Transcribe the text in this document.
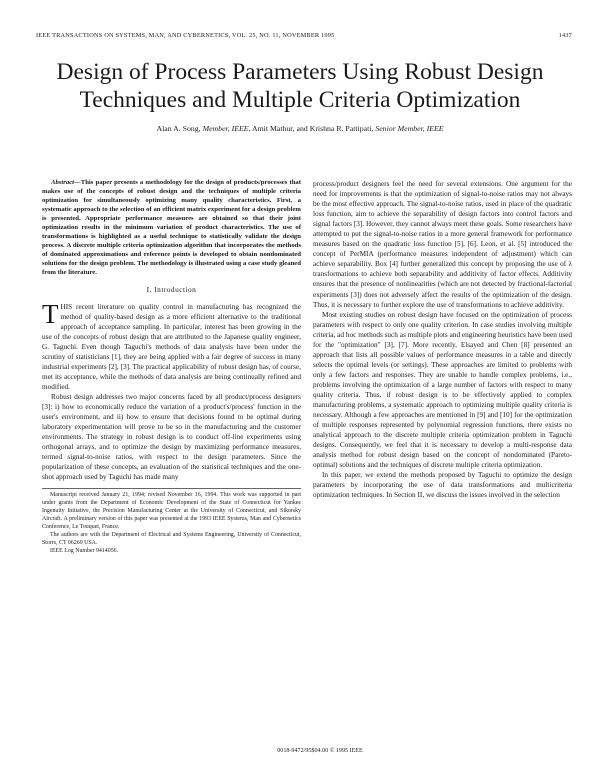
IEEE TRANSACTIONS ON SYSTEMS, MAN, AND CYBERNETICS, VOL. 25, NO. 11, NOVEMBER 1995	1437
Design of Process Parameters Using Robust Design
Techniques and Multiple Criteria Optimization
Alan A. Song, Member, IEEE, Amit Mathur, and Krishna R. Pattipati, Senior Member, IEEE

Abstract—This paper presents a methodology for the design of products/processes that makes use of the concepts of robust design and the techniques of multiple criteria optimization for simultaneously optimizing many quality characteristics. First, a systematic approach to the selection of an efficient matrix experiment for a design problem is presented. Appropriate performance measures are obtained so that their joint optimization results in the minimum variation of product characteristics. The use of transformations is highlighted as a useful technique to statistically validate the design process. A discrete multiple criteria optimization algorithm that incorporates the methods of dominated approximations and reference points is developed to obtain nondominated solutions for the design problem. The methodology is illustrated using a case study gleaned from the literature.

I. Introduction

THIS recent literature on quality control in manufacturing has recognized the method of quality-based design as a more efficient alternative to the traditional approach of acceptance sampling. In particular, interest has been growing in the use of the concepts of robust design that are attributed to the Japanese quality engineer, G. Taguchi. Even though Taguchi's methods of data analysis have been under the scrutiny of statisticians [1], they are being applied with a fair degree of success in many industrial experiments [2], [3]. The practical applicability of robust design has, of course, met its acceptance, while the methods of data analysis are being continually refined and modified.

Robust design addresses two major concerns faced by all product/process designers [3]: i) how to economically reduce the variation of a product's/process' function in the user's environment, and ii) how to ensure that decisions found to be optimal during laboratory experimentation will prove to be so in the manufacturing and the customer environments. The strategy in robust design is to conduct off-line experiments using orthogonal arrays, and to optimize the design by maximizing performance measures, termed signal-to-noise ratios, with respect to the design parameters. Since the popularization of these concepts, an evaluation of the statistical techniques and the one-shot approach used by Taguchi has made many

Manuscript received January 21, 1994; revised November 16, 1994. This work was supported in part under grants from the Department of Economic Development of the State of Connecticut for Yankee Ingenuity Initiative, the Precision Manufacturing Center at the University of Connecticut, and Sikorsky Aircraft. A preliminary version of this paper was presented at the 1993 IEEE Systems, Man and Cybernetics Conference, Le Touquet, France.

The authors are with the Department of Electrical and Systems Engineering, University of Connecticut, Storrs, CT 06269 USA.

IEEE Log Number 9414056.

process/product designers feel the need for several extensions. One argument for the need for improvements is that the optimization of signal-to-noise ratios may not always be the most effective approach. The signal-to-noise ratios, used in place of the quadratic loss function, aim to achieve the separability of design factors into control factors and signal factors [3]. However, they cannot always meet these goals. Some researchers have attempted to put the signal-to-noise ratios in a more general framework for performance measures based on the quadratic loss function [5], [6]. Leon, et al. [5] introduced the concept of PerMIA (performance measures independent of adjustment) which can achieve separability. Box [4] further generalized this concept by proposing the use of λ transformations to achieve both separability and additivity of factor effects. Additivity ensures that the presence of nonlinearities (which are not detected by fractional-factorial experiments [3]) does not adversely affect the results of the optimization of the design. Thus, it is necessary to further explore the use of transformations to achieve additivity.

Most existing studies on robust design have focused on the optimization of process parameters with respect to only one quality criterion. In case studies involving multiple criteria, ad hoc methods such as multiple plots and engineering heuristics have been used for the "optimization" [3], [7]. More recently, Elsayed and Chen [8] presented an approach that lists all possible values of performance measures in a table and directly selects the optimal levels (or settings). These approaches are limited to problems with only a few factors and responses. They are unable to handle complex problems, i.e., problems involving the optimization of a large number of factors with respect to many quality criteria. Thus, if robust design is to be effectively applied to complex manufacturing problems, a systematic approach to optimizing multiple quality criteria is necessary. Although a few approaches are mentioned in [9] and [10] for the optimization of multiple responses represented by polynomial regression functions, there exists no analytical approach to the discrete multiple criteria optimization problem in Taguchi designs. Consequently, we feel that it is necessary to develop a multi-response data analysis method for robust design based on the concept of nondominated (Pareto-optimal) solutions and the techniques of discrete multiple criteria optimization.

In this paper, we extend the methods proposed by Taguchi to optimize the design parameters by incorporating the use of data transformations and multicriteria optimization techniques. In Section II, we discuss the issues involved in the selection

0018-9472/95$04.00 © 1995 IEEE
